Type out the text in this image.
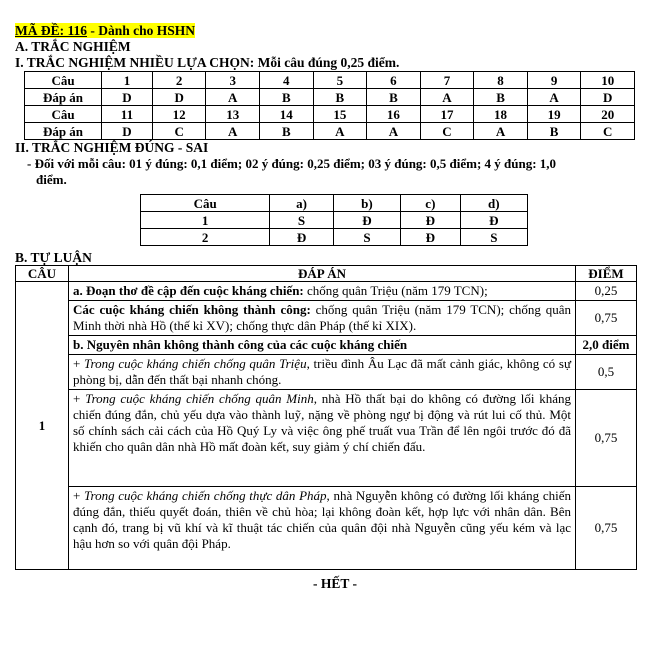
MÃ ĐỀ: 116 - Dành cho HSHN
A. TRẮC NGHIỆM
I. TRẮC NGHIỆM NHIỀU LỰA CHỌN: Mỗi câu đúng 0,25 điểm.
Câu	1	2	3	4	5	6	7	8	9	10
Đáp án	D	D	A	B	B	B	A	B	A	D
Câu	11	12	13	14	15	16	17	18	19	20
Đáp án	D	C	A	B	A	A	C	A	B	C
II. TRẮC NGHIỆM ĐÚNG - SAI
- Đối với mỗi câu: 01 ý đúng: 0,1 điểm; 02 ý đúng: 0,25 điểm; 03 ý đúng: 0,5 điểm; 4 ý đúng: 1,0
điểm.
Câu	a)	b)	c)	d)
1	S	Đ	Đ	Đ
2	Đ	S	Đ	S
B. TỰ LUẬN
CÂU	ĐÁP ÁN	ĐIỂM
1	a. Đoạn thơ đề cập đến cuộc kháng chiến: chống quân Triệu (năm 179 TCN);	0,25
	Các cuộc kháng chiến không thành công: chống quân Triệu (năm 179 TCN); chống quân Minh thời nhà Hồ (thế kỉ XV); chống thực dân Pháp (thế kỉ XIX).	0,75
	b. Nguyên nhân không thành công của các cuộc kháng chiến	2,0 điểm
	+ Trong cuộc kháng chiến chống quân Triệu, triều đình Âu Lạc đã mất cảnh giác, không có sự phòng bị, dẫn đến thất bại nhanh chóng.	0,5
	+ Trong cuộc kháng chiến chống quân Minh, nhà Hồ thất bại do không có đường lối kháng chiến đúng đắn, chủ yếu dựa vào thành luỹ, nặng về phòng ngự bị động và rút lui cố thủ. Một số chính sách cải cách của Hồ Quý Ly và việc ông phế truất vua Trần để lên ngôi trước đó đã khiến cho quân dân nhà Hồ mất đoàn kết, suy giảm ý chí chiến đấu.	0,75
	+ Trong cuộc kháng chiến chống thực dân Pháp, nhà Nguyễn không có đường lối kháng chiến đúng đắn, thiếu quyết đoán, thiên về chủ hòa; lại không đoàn kết, hợp lực với nhân dân. Bên cạnh đó, trang bị vũ khí và kĩ thuật tác chiến của quân đội nhà Nguyễn cũng yếu kém và lạc hậu hơn so với quân đội Pháp.	0,75
- HẾT -
